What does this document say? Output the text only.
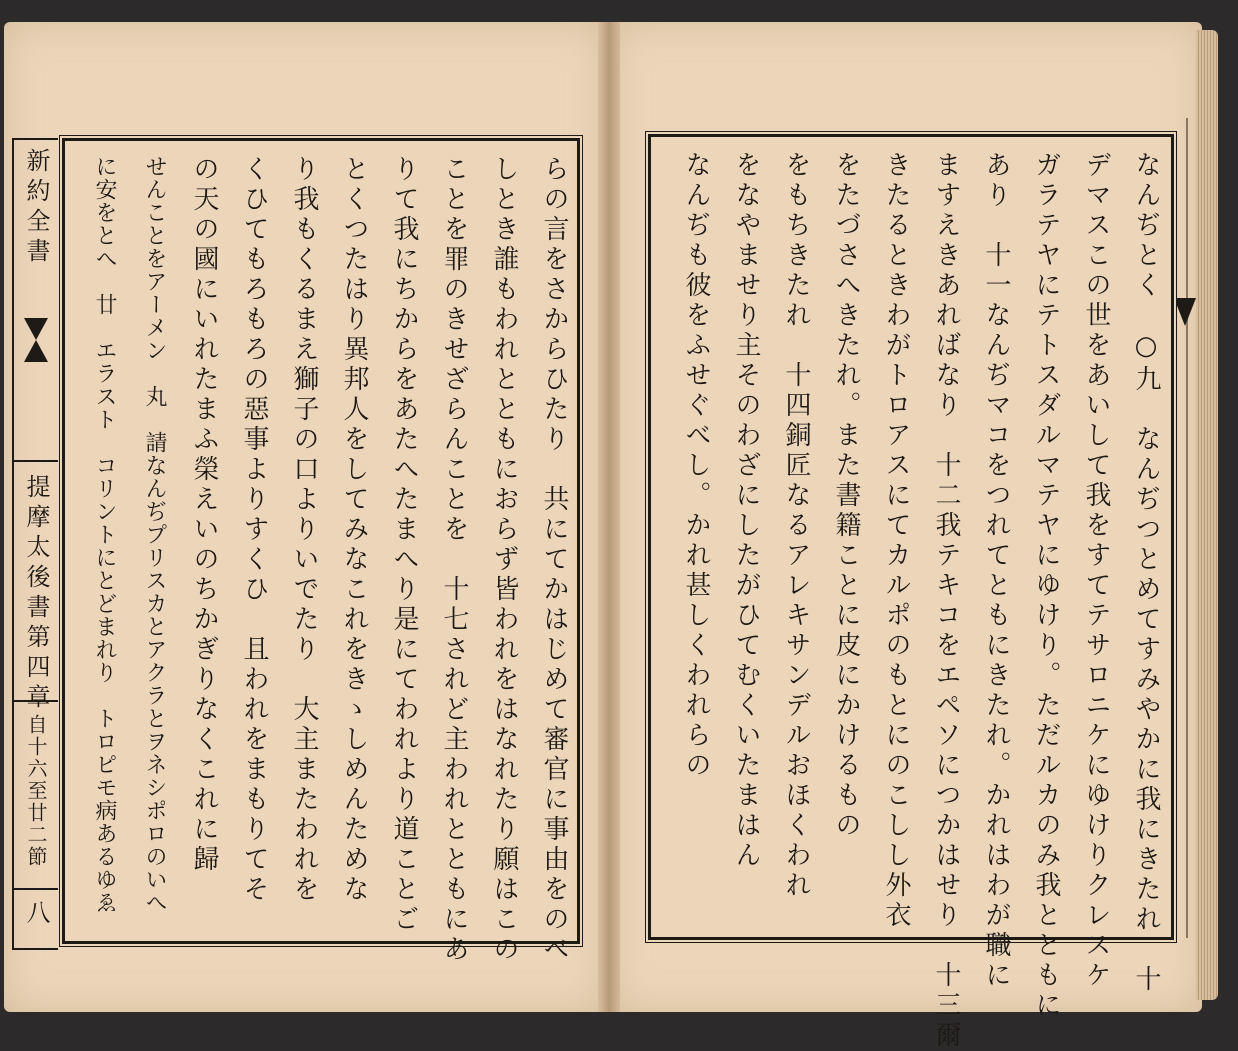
新約全書
提摩太後書第四章
自十六至廿二節
八	らの言をさからひたり　共にてかはじめて審官に事由をのべ
しとき誰もわれとともにおらず皆われをはなれたり願はこの
ことを罪のきせざらんことを　十七されど主われとともにあ
りて我にちからをあたへたまへり是にてわれより道ことご
とくつたはり異邦人をしてみなこれをきゝしめんためな
り我もくるまえ獅子の口よりいでたり　大主またわれを
くひてもろもろの惡事よりすくひ　且われをまもりてそ
の天の國にいれたまふ榮えいのちかぎりなくこれに歸
せんことをアーメン　丸　請なんぢプリスカとアクラとヲネシポロのいへ
に安をとへ　廿　エラスト　コリントにとどまれり　トロピモ病あるゆゑ	なんぢとく　○九　なんぢつとめてすみやかに我にきたれ　十
デマスこの世をあいして我をすてテサロニケにゆけりクレスケ
ガラテヤにテトスダルマテヤにゆけり。ただルカのみ我とともに
あり　十一なんぢマコをつれてともにきたれ。かれはわが職に
ますえきあればなり　十二我テキコをエペソにつかはせり　十三爾
きたるときわがトロアスにてカルポのもとにのこしし外衣
をたづさへきたれ。また書籍ことに皮にかけるもの
をもちきたれ　十四銅匠なるアレキサンデルおほくわれ
をなやませり主そのわざにしたがひてむくいたまはん
なんぢも彼をふせぐべし。かれ甚しくわれらの
